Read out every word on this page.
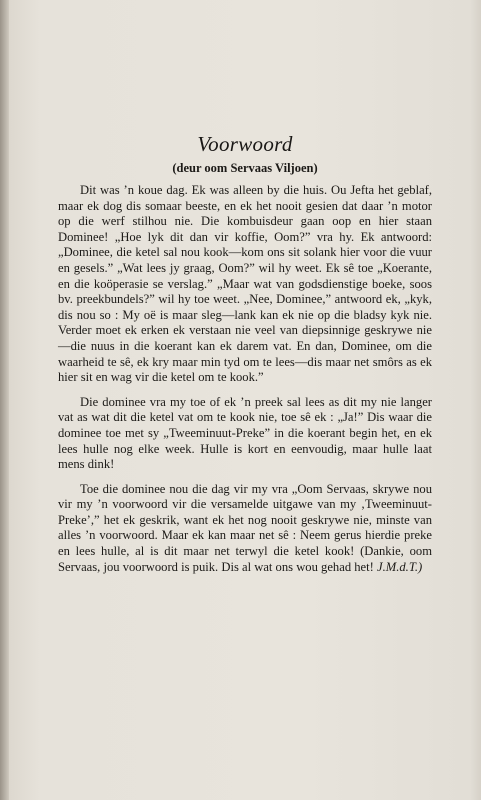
Voorwoord
(deur oom Servaas Viljoen)

Dit was ’n koue dag. Ek was alleen by die huis. Ou Jefta het geblaf, maar ek dog dis somaar beeste, en ek het nooit gesien dat daar ’n motor op die werf stilhou nie. Die kombuisdeur gaan oop en hier staan Dominee! „Hoe lyk dit dan vir koffie, Oom?” vra hy. Ek antwoord: „Dominee, die ketel sal nou kook—kom ons sit solank hier voor die vuur en gesels.” „Wat lees jy graag, Oom?” wil hy weet. Ek sê toe „Koerante, en die koöperasie se verslag.” „Maar wat van godsdienstige boeke, soos bv. preekbundels?” wil hy toe weet. „Nee, Dominee,” antwoord ek, „kyk, dis nou so : My oë is maar sleg—lank kan ek nie op die bladsy kyk nie. Verder moet ek erken ek verstaan nie veel van diepsinnige geskrywe nie—die nuus in die koerant kan ek darem vat. En dan, Dominee, om die waarheid te sê, ek kry maar min tyd om te lees—dis maar net smôrs as ek hier sit en wag vir die ketel om te kook.”

Die dominee vra my toe of ek ’n preek sal lees as dit my nie langer vat as wat dit die ketel vat om te kook nie, toe sê ek : „Ja!” Dis waar die dominee toe met sy „Tweeminuut-Preke” in die koerant begin het, en ek lees hulle nog elke week. Hulle is kort en eenvoudig, maar hulle laat mens dink!

Toe die dominee nou die dag vir my vra „Oom Servaas, skrywe nou vir my ’n voorwoord vir die versamelde uitgawe van my ‚Tweeminuut-Preke’,” het ek geskrik, want ek het nog nooit geskrywe nie, minste van alles ’n voorwoord. Maar ek kan maar net sê : Neem gerus hierdie preke en lees hulle, al is dit maar net terwyl die ketel kook! (Dankie, oom Servaas, jou voorwoord is puik. Dis al wat ons wou gehad het! J.M.d.T.)
